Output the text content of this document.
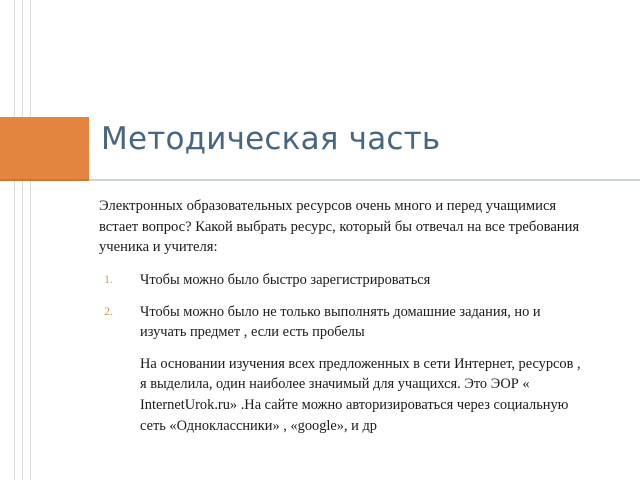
Методическая часть

Электронных образовательных ресурсов очень много и перед учащимися встает вопрос? Какой выбрать ресурс, который бы отвечал на все требования ученика и учителя:

1. Чтобы можно было быстро зарегистрироваться
2. Чтобы можно было не только выполнять домашние задания, но и изучать предмет , если есть пробелы

На основании изучения всех предложенных в сети Интернет, ресурсов , я выделила, один наиболее значимый для учащихся. Это ЭОР « InternetUrok.ru» .На сайте можно авторизироваться через социальную сеть «Одноклассники» , «google», и др
